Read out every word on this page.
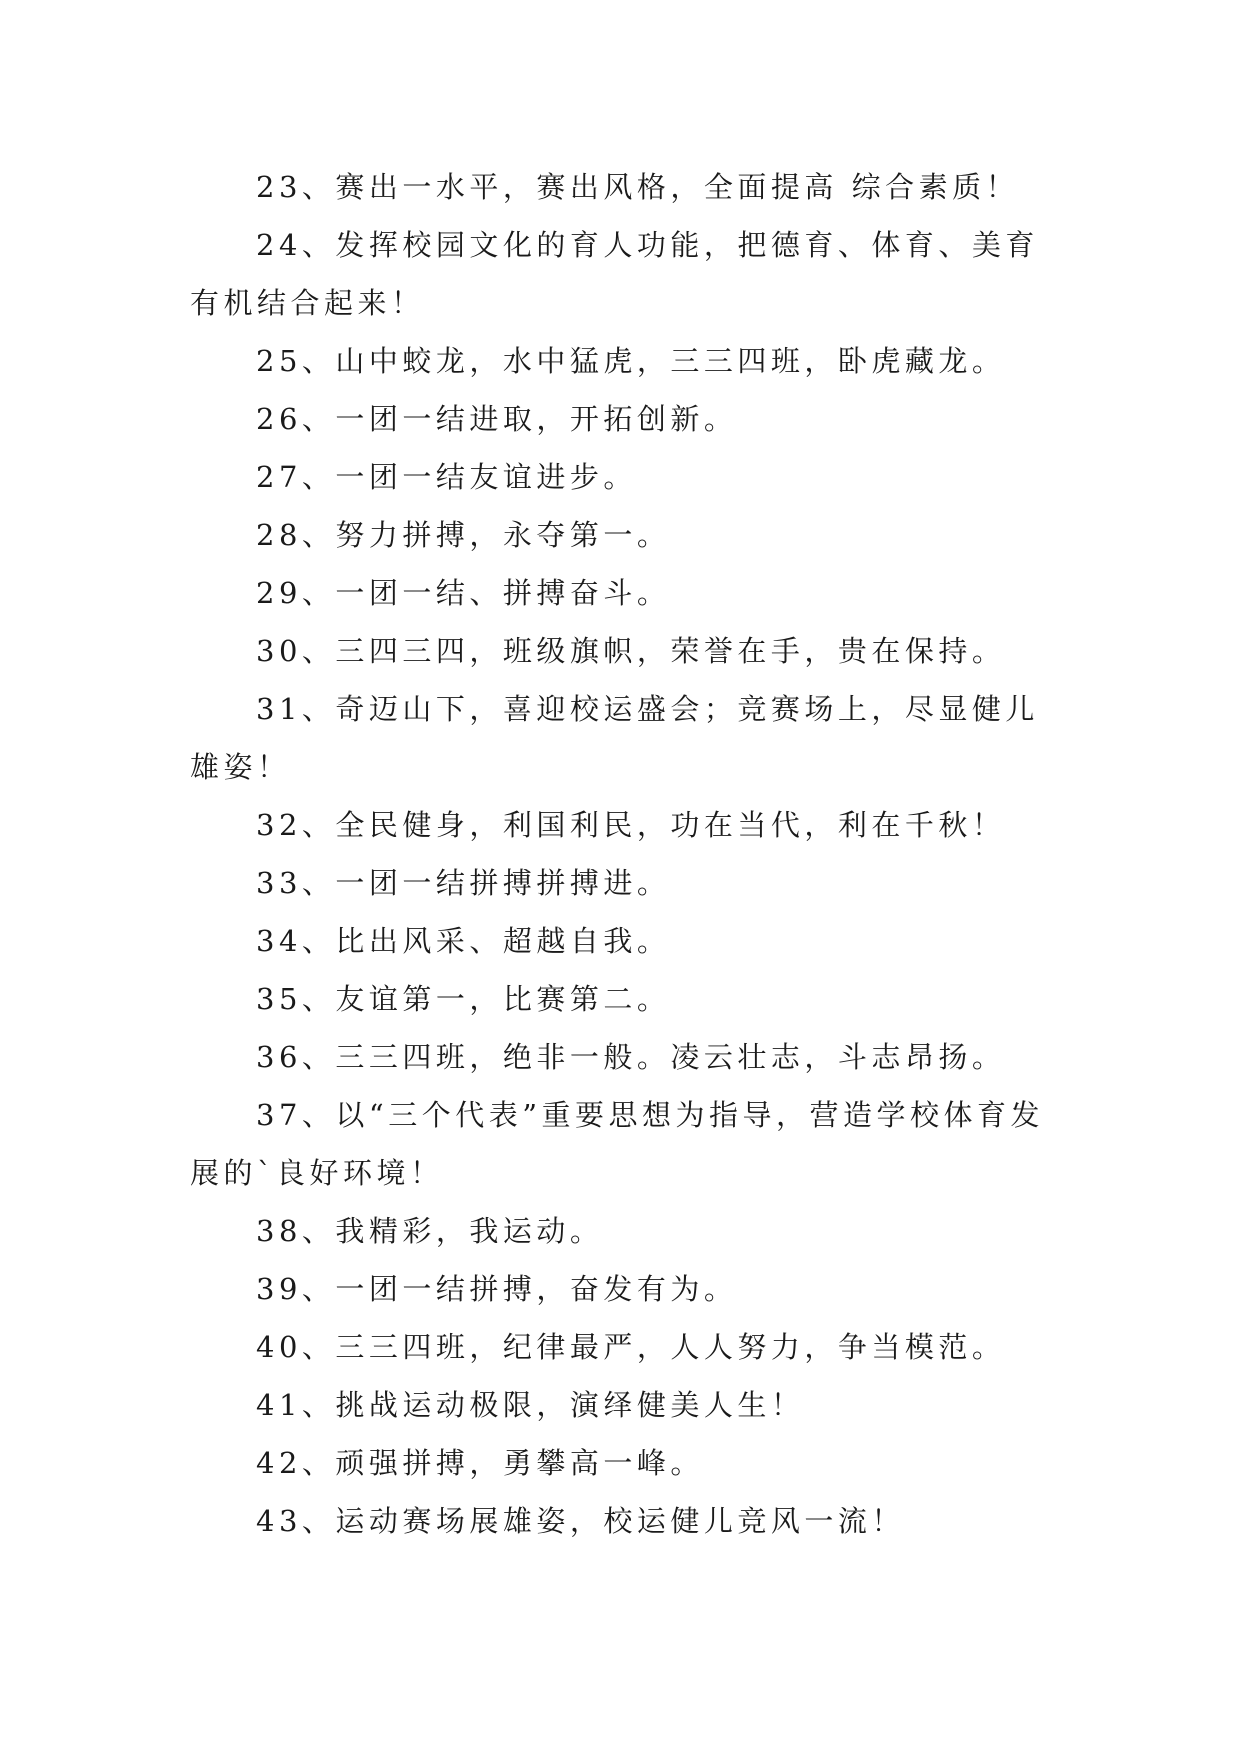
23、赛出一水平，赛出风格，全面提高 综合素质！

24、发挥校园文化的育人功能，把德育、体育、美育有机结合起来！

25、山中蛟龙，水中猛虎，三三四班，卧虎藏龙。

26、一团一结进取，开拓创新。

27、一团一结友谊进步。

28、努力拼搏，永夺第一。

29、一团一结、拼搏奋斗。

30、三四三四，班级旗帜，荣誉在手，贵在保持。

31、奇迈山下，喜迎校运盛会；竞赛场上，尽显健儿雄姿！

32、全民健身，利国利民，功在当代，利在千秋！

33、一团一结拼搏拼搏进。

34、比出风采、超越自我。

35、友谊第一，比赛第二。

36、三三四班，绝非一般。凌云壮志，斗志昂扬。

37、以“三个代表”重要思想为指导，营造学校体育发展的`良好环境！

38、我精彩，我运动。

39、一团一结拼搏，奋发有为。

40、三三四班，纪律最严，人人努力，争当模范。

41、挑战运动极限，演绎健美人生！

42、顽强拼搏，勇攀高一峰。

43、运动赛场展雄姿，校运健儿竞风一流！
